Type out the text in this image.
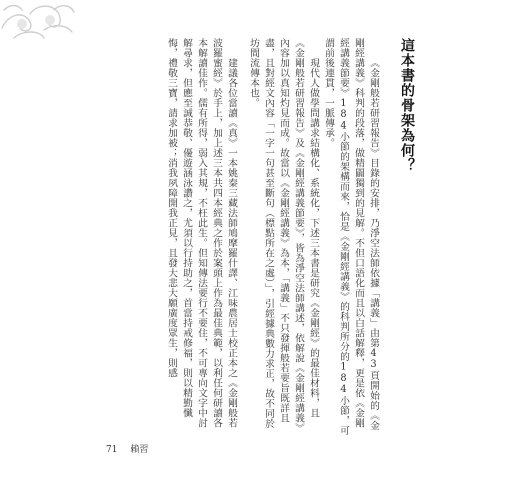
這本書的骨架為何？

《金剛般若研習報告》目錄的安排，乃淨空法師依據「講義」由第43頁開始的《金剛經講義》科判的段落，做精闢獨到的見解。不但口語化而且以白話解釋，更是依《金剛經講義節要》184小節的架構而來，恰是《金剛經講義》的科判所分的184小節，可謂前後連貫，一脈傳承。

現代人做學問講求結構化、系統化，下述三本書是研究《金剛經》的最佳材料，且《金剛般若研習報告》及《金剛經講義節要》，皆為淨空法師講述，依解說《金剛經講義》內容加以真知灼見而成。故當以《金剛經講義》為本，「講義」不只發揮般若要旨既詳且盡，且對經文內容「一字一句甚至斷句（標點所在之處）」，引經據典數力求正，故不同於坊間流傳本也。

建議各位當讀《真》一本姚秦三藏法師鳩摩羅什譯、江味農居士校正本之《金剛般若波羅蜜經》於手上，加上述三本共四本經典之作於案頭上作為最佳典範，以利任何研讀各本解讀佳作。儒有所得，弱入其規，不枉此生。但知傳法要行不要住，不可專向文字中討解尋求，但應至誠恭敬、優遊涵泳讚之，尤須以行持助之，首當持戒修福，則以精勤懺悔，禮敬三寶，請求加被；消我夙障開我正見，且發大悲大願廣度眾生，則感

71 賴習
